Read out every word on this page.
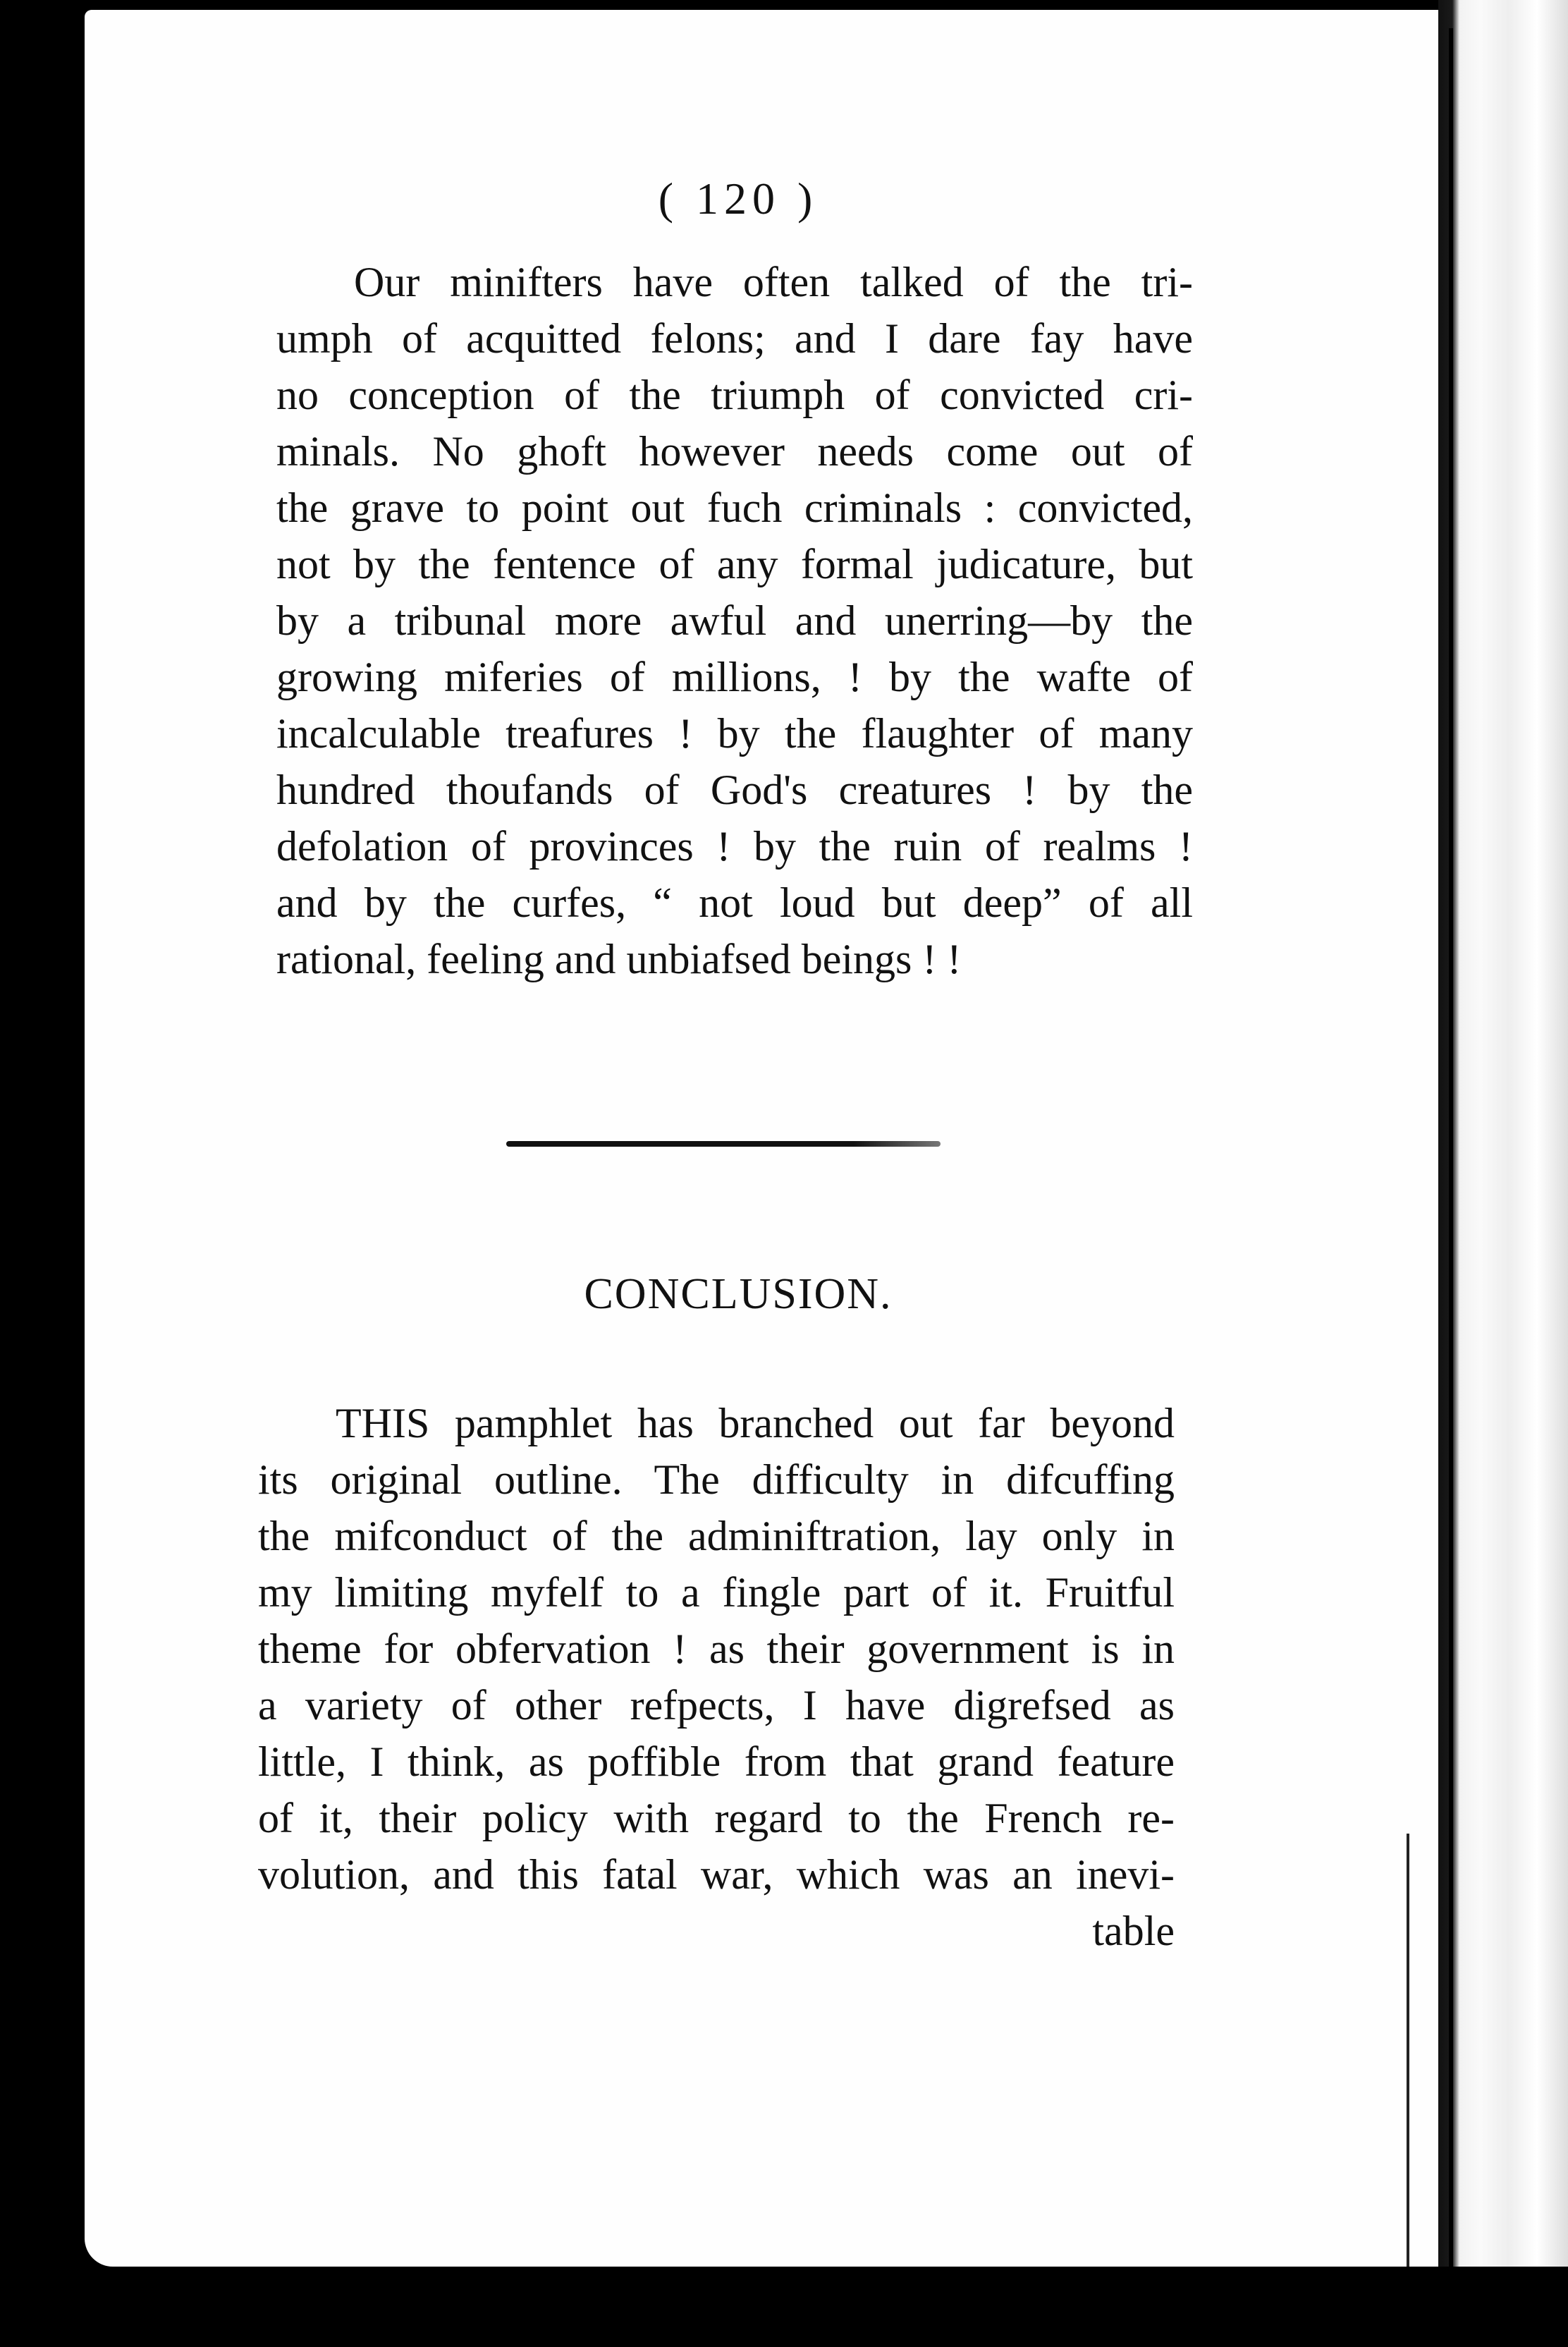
( 120 )
Our minifters have often talked of the tri-
umph of acquitted felons; and I dare fay have
no conception of the triumph of convicted cri-
minals. No ghoft however needs come out of
the grave to point out fuch criminals : convicted,
not by the fentence of any formal judicature, but
by a tribunal more awful and unerring—by the
growing miferies of millions, ! by the wafte of
incalculable treafures ! by the flaughter of many
hundred thoufands of God's creatures ! by the
defolation of provinces ! by the ruin of realms !
and by the curfes, “ not loud but deep” of all
rational, feeling and unbiafsed beings ! !
CONCLUSION.
THIS pamphlet has branched out far beyond
its original outline. The difficulty in difcuffing
the mifconduct of the adminiftration, lay only in
my limiting myfelf to a fingle part of it. Fruitful
theme for obfervation ! as their government is in
a variety of other refpects, I have digrefsed as
little, I think, as poffible from that grand feature
of it, their policy with regard to the French re-
volution, and this fatal war, which was an inevi-
table
